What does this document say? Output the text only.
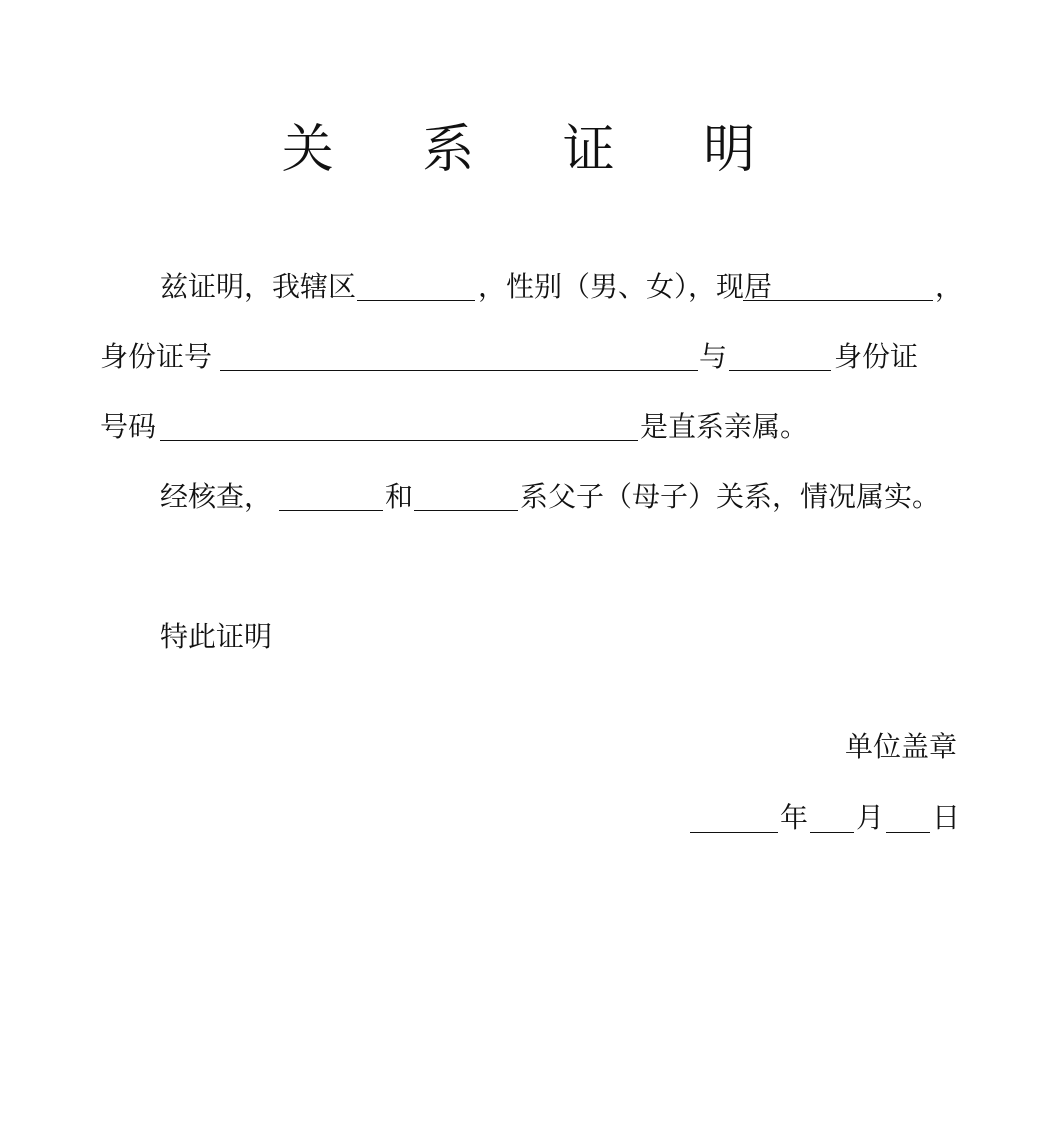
关 系 证 明
兹证明，我辖区	，性别（男、女），现居	，
身份证号	与	身份证
号码	是直系亲属。
经核查，	和	系父子（母子）关系，情况属实。
特此证明
单位盖章
年 月 日
